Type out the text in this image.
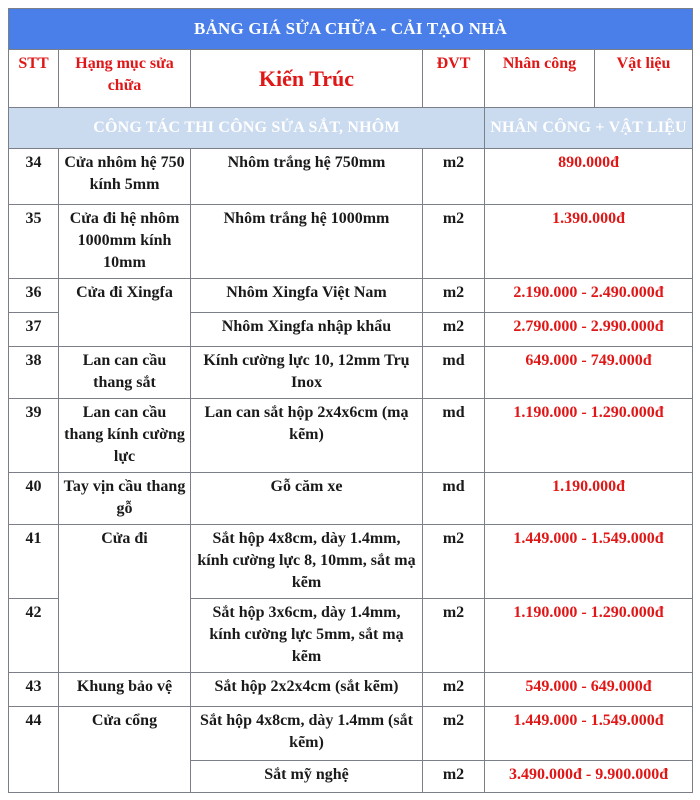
BẢNG GIÁ SỬA CHỮA - CẢI TẠO NHÀ					
STT	Hạng mục sửa chữa	Kiến Trúc	ĐVT	Nhân công	Vật liệu
CÔNG TÁC THI CÔNG SỬA SẮT, NHÔM				NHÂN CÔNG + VẬT LIỆU	
34	Cửa nhôm hệ 750 kính 5mm	Nhôm trắng hệ 750mm	m2	890.000đ	
35	Cửa đi hệ nhôm 1000mm kính 10mm	Nhôm trắng hệ 1000mm	m2	1.390.000đ	
36	Cửa đi Xingfa	Nhôm Xingfa Việt Nam	m2	2.190.000 - 2.490.000đ	
37		Nhôm Xingfa nhập khẩu	m2	2.790.000 - 2.990.000đ	
38	Lan can cầu thang sắt	Kính cường lực 10, 12mm Trụ Inox	md	649.000 - 749.000đ	
39	Lan can cầu thang kính cường lực	Lan can sắt hộp 2x4x6cm (mạ kẽm)	md	1.190.000 - 1.290.000đ	
40	Tay vịn cầu thang gỗ	Gỗ căm xe	md	1.190.000đ	
41	Cửa đi	Sắt hộp 4x8cm, dày 1.4mm, kính cường lực 8, 10mm, sắt mạ kẽm	m2	1.449.000 - 1.549.000đ	
42		Sắt hộp 3x6cm, dày 1.4mm, kính cường lực 5mm, sắt mạ kẽm	m2	1.190.000 - 1.290.000đ	
43	Khung bảo vệ	Sắt hộp 2x2x4cm (sắt kẽm)	m2	549.000 - 649.000đ	
44	Cửa cổng	Sắt hộp 4x8cm, dày 1.4mm (sắt kẽm)	m2	1.449.000 - 1.549.000đ	
		Sắt mỹ nghệ	m2	3.490.000đ - 9.900.000đ	
